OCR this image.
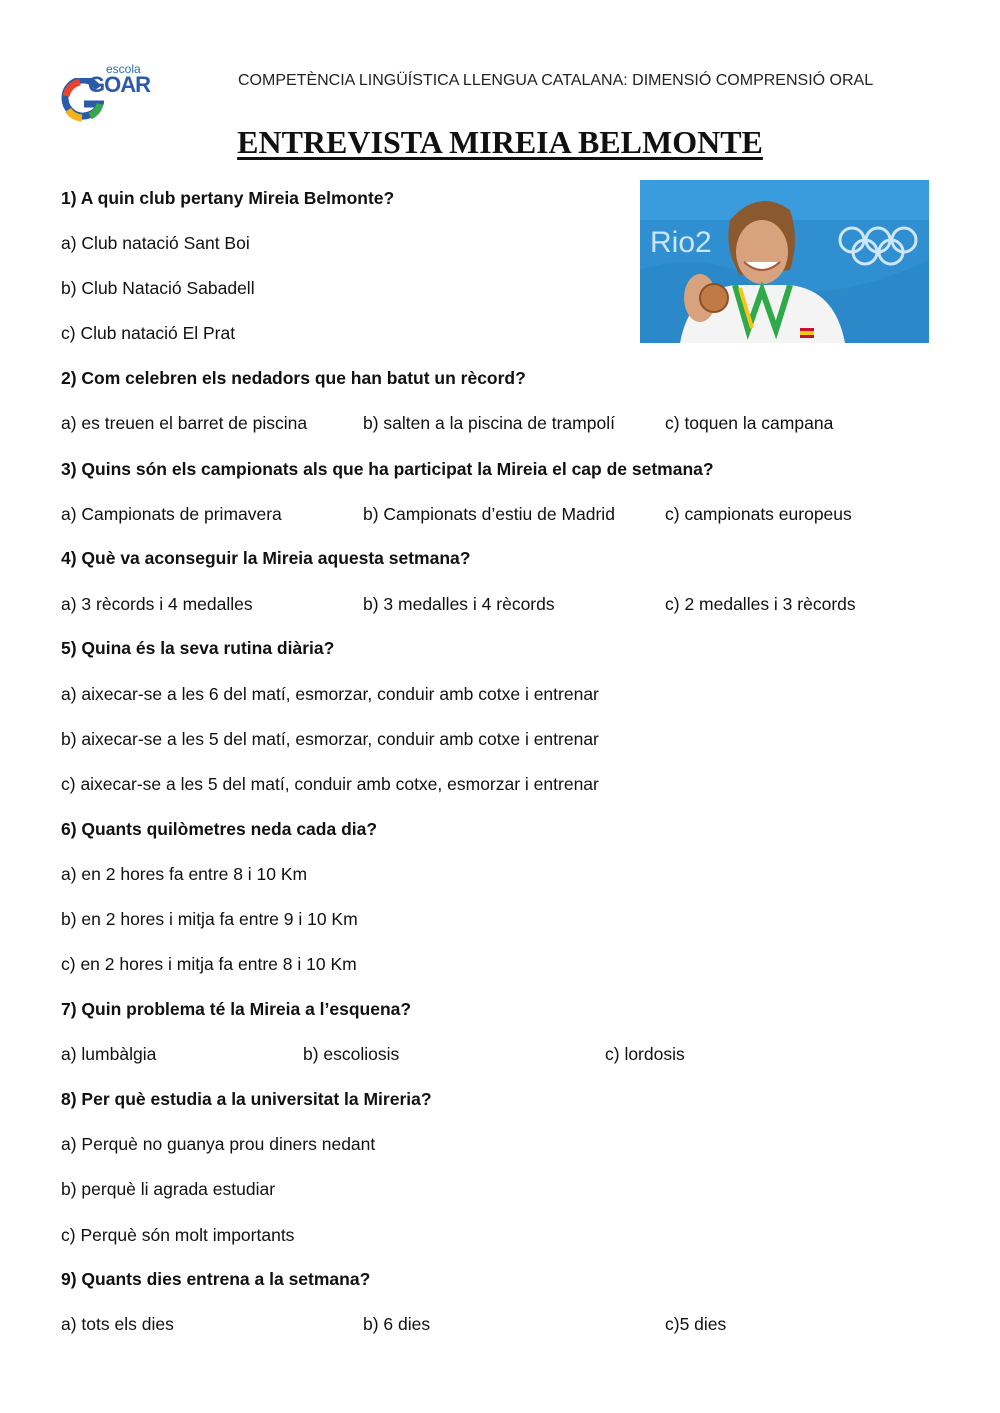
escola
GOAR	COMPETÈNCIA LINGÜÍSTICA LLENGUA CATALANA: DIMENSIÓ COMPRENSIÓ ORAL
ENTREVISTA MIREIA BELMONTE
Rio2
1) A quin club pertany Mireia Belmonte?
a) Club natació Sant Boi
b) Club Natació Sabadell
c) Club natació El Prat
2) Com celebren els nedadors que han batut un rècord?
a) es treuen el barret de piscina	b) salten a la piscina de trampolí	c) toquen la campana
3) Quins són els campionats als que ha participat la Mireia el cap de setmana?
a) Campionats de primavera	b) Campionats d’estiu de Madrid	c) campionats europeus
4) Què va aconseguir la Mireia aquesta setmana?
a) 3 rècords i 4 medalles	b) 3 medalles i 4 rècords	c) 2 medalles i 3 rècords
5) Quina és la seva rutina diària?
a) aixecar-se a les 6 del matí, esmorzar, conduir amb cotxe i entrenar
b) aixecar-se a les 5 del matí, esmorzar, conduir amb cotxe i entrenar
c) aixecar-se a les 5 del matí, conduir amb cotxe, esmorzar i entrenar
6) Quants quilòmetres neda cada dia?
a) en 2 hores fa entre 8 i 10 Km
b) en 2 hores i mitja fa entre 9 i 10 Km
c) en 2 hores i mitja fa entre 8 i 10 Km
7) Quin problema té la Mireia a l’esquena?
a) lumbàlgia	b) escoliosis	c) lordosis
8) Per què estudia a la universitat la Mireria?
a) Perquè no guanya prou diners nedant
b) perquè li agrada estudiar
c) Perquè són molt importants
9) Quants dies entrena a la setmana?
a) tots els dies	b) 6 dies	c)5 dies
